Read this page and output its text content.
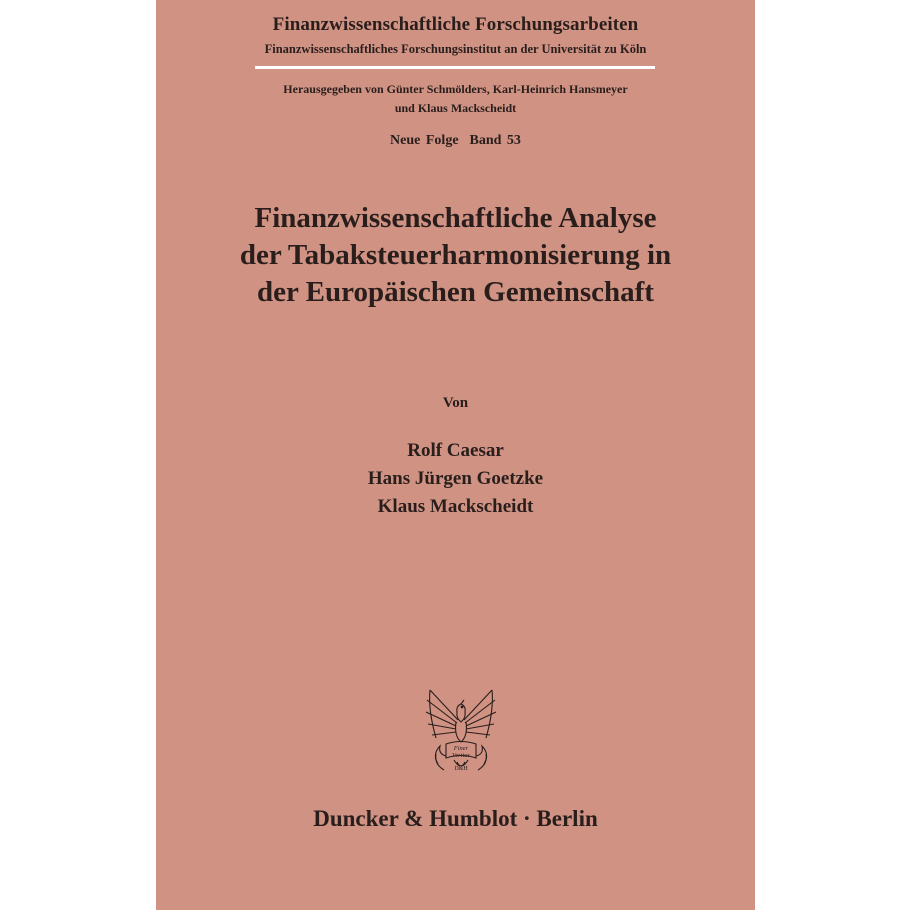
Finanzwissenschaftliche Forschungsarbeiten
Finanzwissenschaftliches Forschungsinstitut an der Universität zu Köln
Herausgegeben von Günter Schmölders, Karl-Heinrich Hansmeyer
und Klaus Mackscheidt
Neue Folge  Band 53
Finanzwissenschaftliche Analyse
der Tabaksteuerharmonisierung in
der Europäischen Gemeinschaft
Von
Rolf Caesar
Hans Jürgen Goetzke
Klaus Mackscheidt
Finer
Veritas
D&H
Duncker & Humblot · Berlin
